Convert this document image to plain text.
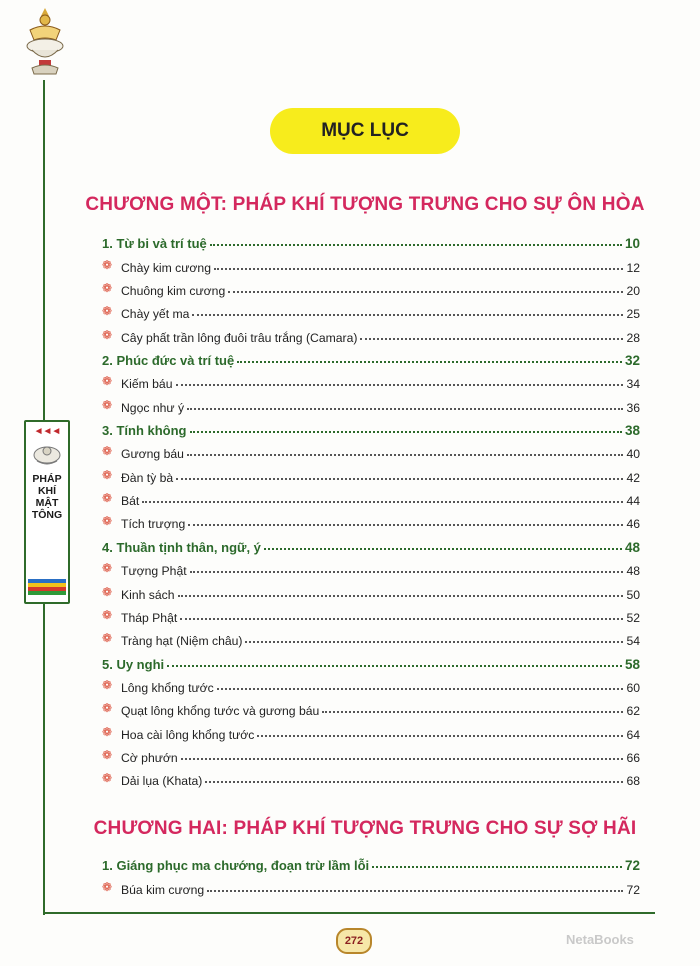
◄◄◄
PHÁP
KHÍ
MẬT
TÔNG
MỤC LỤC
CHƯƠNG MỘT: PHÁP KHÍ TƯỢNG TRƯNG CHO SỰ ÔN HÒA
1. Từ bi và trí tuệ	10
❁ Chày kim cương	12
❁ Chuông kim cương	20
❁ Chày yết ma	25
❁ Cây phất trần lông đuôi trâu trắng (Camara)	28
2. Phúc đức và trí tuệ	32
❁ Kiếm báu	34
❁ Ngọc như ý	36
3. Tính không	38
❁ Gương báu	40
❁ Đàn tỳ bà	42
❁ Bát	44
❁ Tích trượng	46
4. Thuần tịnh thân, ngữ, ý	48
❁ Tượng Phật	48
❁ Kinh sách	50
❁ Tháp Phật	52
❁ Tràng hạt (Niệm châu)	54
5. Uy nghi	58
❁ Lông khổng tước	60
❁ Quạt lông khổng tước và gương báu	62
❁ Hoa cài lông khổng tước	64
❁ Cờ phướn	66
❁ Dải lụa (Khata)	68
CHƯƠNG HAI: PHÁP KHÍ TƯỢNG TRƯNG CHO SỰ SỢ HÃI
1. Giáng phục ma chướng, đoạn trừ lầm lỗi	72
❁ Búa kim cương	72
272	NetaBooks
